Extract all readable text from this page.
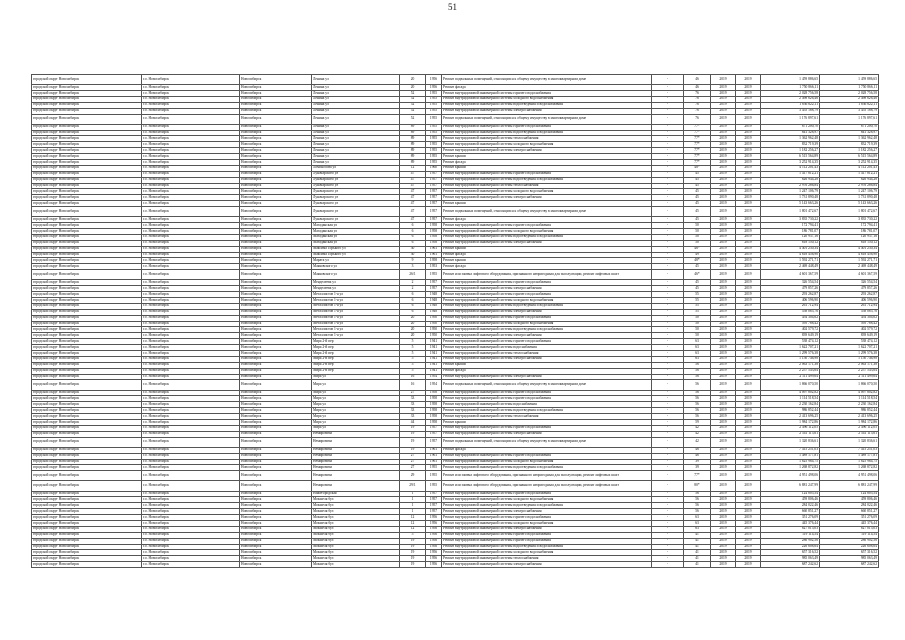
51
городской округ Новосибирск	г.о. Новосибирск	Новосибирск	Ленина ул	20	1956	Ремонт подвальных помещений, относящихся к общему имуществу в многоквартирном доме	-	46	2019	2019	1 459 886,65	1 459 886,65
городской округ Новосибирск	г.о. Новосибирск	Новосибирск	Ленина ул	20	1956	Ремонт фасада	-	46	2019	2019	1 750 866,11	1 750 866,11
городской округ Новосибирск	г.о. Новосибирск	Новосибирск	Ленина ул	52	1955	Ремонт внутридомовой инженерной системы горячего водоснабжения	-	76	2019	2019	2 028 756,58	2 028 756,58
городской округ Новосибирск	г.о. Новосибирск	Новосибирск	Ленина ул	52	1955	Ремонт внутридомовой инженерной системы холодного водоснабжения	-	76	2019	2019	2 498 626,46	2 498 626,46
городской округ Новосибирск	г.о. Новосибирск	Новосибирск	Ленина ул	52	1955	Ремонт внутридомовой инженерной системы водоотведения и водоснабжения	-	76	2019	2019	1 836 622,11	1 836 622,11
городской округ Новосибирск	г.о. Новосибирск	Новосибирск	Ленина ул	52	1955	Ремонт внутридомовой инженерной системы электроснабжения	-	76	2019	2019	3 455 188,79	3 455 188,79
городской округ Новосибирск	г.о. Новосибирск	Новосибирск	Ленина ул	52	1955	Ремонт подвальных помещений, относящихся к общему имуществу в многоквартирном доме	-	76	2019	2019	1 176 897,61	1 176 897,61
городской округ Новосибирск	г.о. Новосибирск	Новосибирск	Ленина ул	89	1955	Ремонт внутридомовой инженерной системы горячего водоснабжения	-	77*	2019	2019	671 200,70	671 200,70
городской округ Новосибирск	г.о. Новосибирск	Новосибирск	Ленина ул	89	1955	Ремонт внутридомовой инженерной системы водоотведения и водоснабжения	-	77*	2019	2019	841 328,97	841 328,97
городской округ Новосибирск	г.о. Новосибирск	Новосибирск	Ленина ул	89	1955	Ремонт внутридомовой инженерной системы теплоснабжения	-	77*	2019	2019	1 362 962,48	1 362 962,48
городской округ Новосибирск	г.о. Новосибирск	Новосибирск	Ленина ул	89	1955	Ремонт внутридомовой инженерной системы холодного водоснабжения	-	77*	2019	2019	832 719,39	832 719,39
городской округ Новосибирск	г.о. Новосибирск	Новосибирск	Ленина ул	89	1955	Ремонт внутридомовой инженерной системы электроснабжения	-	77*	2019	2019	1 182 256,27	1 182 256,27
городской округ Новосибирск	г.о. Новосибирск	Новосибирск	Ленина ул	89	1955	Ремонт крыши	-	77*	2019	2019	6 515 564,89	6 515 564,89
городской округ Новосибирск	г.о. Новосибирск	Новосибирск	Ленина ул	89	1955	Ремонт фасада	-	77*	2019	2019	3 252 914,35	3 252 914,35
городской округ Новосибирск	г.о. Новосибирск	Новосибирск	Ломоносова ул	12	1960	Ремонт крыши	-	48*	2019	2019	4 112 201,43	4 112 201,43
городской округ Новосибирск	г.о. Новосибирск	Новосибирск	Луначарского ул	47	1957	Ремонт внутридомовой инженерной системы горячего водоснабжения	-	45	2019	2019	1 417 812,21	1 417 812,21
городской округ Новосибирск	г.о. Новосибирск	Новосибирск	Луначарского ул	47	1957	Ремонт внутридомовой инженерной системы водоотведения и водоснабжения	-	45	2019	2019	626 944,28	626 944,28
городской округ Новосибирск	г.о. Новосибирск	Новосибирск	Луначарского ул	47	1957	Ремонт внутридомовой инженерной системы теплоснабжения	-	45	2019	2019	2 976 286,84	2 976 286,84
городской округ Новосибирск	г.о. Новосибирск	Новосибирск	Луначарского ул	47	1957	Ремонт внутридомовой инженерной системы холодного водоснабжения	-	45	2019	2019	1 247 106,79	1 247 106,79
городской округ Новосибирск	г.о. Новосибирск	Новосибирск	Луначарского ул	47	1957	Ремонт внутридомовой инженерной системы электроснабжения	-	45	2019	2019	1 731 890,48	1 731 890,48
городской округ Новосибирск	г.о. Новосибирск	Новосибирск	Луначарского ул	47	1957	Ремонт крыши	-	45	2019	2019	5 143 663,26	5 143 663,26
городской округ Новосибирск	г.о. Новосибирск	Новосибирск	Луначарского ул	47	1957	Ремонт подвальных помещений, относящихся к общему имуществу в многоквартирном доме	-	45	2019	2019	1 801 472,67	1 801 472,67
городской округ Новосибирск	г.о. Новосибирск	Новосибирск	Луначарского ул	47	1957	Ремонт фасада	-	45	2019	2019	3 835 730,22	3 835 730,22
городской округ Новосибирск	г.о. Новосибирск	Новосибирск	Магаданская ул	6	1958	Ремонт внутридомовой инженерной системы горячего водоснабжения	-	50	2019	2019	172 794,41	172 794,41
городской округ Новосибирск	г.о. Новосибирск	Новосибирск	Магаданская ул	6	1958	Ремонт внутридомовой инженерной системы холодного водоснабжения	-	50	2019	2019	186 781,07	186 781,07
городской округ Новосибирск	г.о. Новосибирск	Новосибирск	Магаданская ул	6	1958	Ремонт внутридомовой инженерной системы водоотведения и водоснабжения	-	50	2019	2019	120 937,16	120 937,16
городской округ Новосибирск	г.о. Новосибирск	Новосибирск	Магаданская ул	6	1958	Ремонт внутридомовой инженерной системы электроснабжения	-	50	2019	2019	618 150,12	618 150,12
городской округ Новосибирск	г.о. Новосибирск	Новосибирск	Максима Горького ул	30	1961	Ремонт крыши	-	46*	2019	2019	4 401 230,34	4 401 230,34
городской округ Новосибирск	г.о. Новосибирск	Новосибирск	Максима Горького ул	30	1961	Ремонт фасада	-	49	2019	2019	4 618 456,90	4 618 456,90
городской округ Новосибирск	г.о. Новосибирск	Новосибирск	Марата ул	9	1958	Ремонт крыши	-	48*	2019	2019	1 592 271,71	1 592 271,71
городской округ Новосибирск	г.о. Новосибирск	Новосибирск	Маяковского ул	3	1953	Ремонт фасада	-	45	2019	2019	2 469 448,49	2 469 448,49
городской округ Новосибирск	г.о. Новосибирск	Новосибирск	Маяковского ул	26/1	1955	Ремонт или замена лифтового оборудования, признанного непригодным для эксплуатации, ремонт лифтовых шахт	-	46*	2019	2019	4 601 367,59	4 601 367,59
городской округ Новосибирск	г.о. Новосибирск	Новосибирск	Менделеева ул	2	1957	Ремонт внутридомовой инженерной системы горячего водоснабжения	-	45	2019	2019	326 554,54	326 554,54
городской округ Новосибирск	г.о. Новосибирск	Новосибирск	Менделеева ул	2	1957	Ремонт внутридомовой инженерной системы электроснабжения	-	45	2019	2019	479 857,26	479 857,26
городской округ Новосибирск	г.о. Новосибирск	Новосибирск	Металлистов 1-я ул	6	1948	Ремонт внутридомовой инженерной системы горячего водоснабжения	-	55	2019	2019	293 262,87	293 262,87
городской округ Новосибирск	г.о. Новосибирск	Новосибирск	Металлистов 1-я ул	6	1948	Ремонт внутридомовой инженерной системы холодного водоснабжения	-	55	2019	2019	406 596,90	406 596,90
городской округ Новосибирск	г.о. Новосибирск	Новосибирск	Металлистов 1-я ул	6	1948	Ремонт внутридомовой инженерной системы водоотведения и водоснабжения	-	55	2019	2019	261 712,94	261 712,94
городской округ Новосибирск	г.о. Новосибирск	Новосибирск	Металлистов 1-я ул	6	1948	Ремонт внутридомовой инженерной системы электроснабжения	-	55	2019	2019	558 085,76	558 085,76
городской округ Новосибирск	г.о. Новосибирск	Новосибирск	Металлистов 1-я ул	20	1950	Ремонт внутридомовой инженерной системы горячего водоснабжения	-	50	2019	2019	454 304,62	454 304,62
городской округ Новосибирск	г.о. Новосибирск	Новосибирск	Металлистов 1-я ул	20	1950	Ремонт внутридомовой инженерной системы холодного водоснабжения	-	50	2019	2019	595 788,42	595 788,42
городской округ Новосибирск	г.о. Новосибирск	Новосибирск	Металлистов 1-я ул	20	1950	Ремонт внутридомовой инженерной системы водоотведения и водоснабжения	-	50	2019	2019	402 579,72	402 579,72
городской округ Новосибирск	г.о. Новосибирск	Новосибирск	Металлистов 1-я ул	20	1950	Ремонт внутридомовой инженерной системы электроснабжения	-	50	2019	2019	839 649,19	839 649,19
городской округ Новосибирск	г.о. Новосибирск	Новосибирск	Мира 2-й пер	5	1941	Ремонт внутридомовой инженерной системы горячего водоснабжения	-	63	2019	2019	538 474,12	538 474,12
городской округ Новосибирск	г.о. Новосибирск	Новосибирск	Мира 2-й пер	5	1941	Ремонт внутридомовой инженерной системы водоснабжения	-	63	2019	2019	1 622 707,21	1 622 707,21
городской округ Новосибирск	г.о. Новосибирск	Новосибирск	Мира 2-й пер	5	1941	Ремонт внутридомовой инженерной системы теплоснабжения	-	63	2019	2019	1 299 576,38	1 299 576,38
городской округ Новосибирск	г.о. Новосибирск	Новосибирск	Мира 2-й пер	5	1941	Ремонт внутридомовой инженерной системы электроснабжения	-	63	2019	2019	1 150 746,98	1 150 746,98
городской округ Новосибирск	г.о. Новосибирск	Новосибирск	Мира 2-й пер	5	1941	Ремонт крыши	-	56	2019	2019	2 063 171,38	2 063 171,38
городской округ Новосибирск	г.о. Новосибирск	Новосибирск	Мира 2-й пер	5	1941	Ремонт фасада	-	56	2019	2019	2 257 543,64	2 257 543,64
городской округ Новосибирск	г.о. Новосибирск	Новосибирск	Мира ул	16	1954	Ремонт внутридомовой инженерной системы электроснабжения	-	56	2019	2019	2 111 499,64	2 111 499,64
городской округ Новосибирск	г.о. Новосибирск	Новосибирск	Мира ул	16	1954	Ремонт подвальных помещений, относящихся к общему имуществу в многоквартирном доме	-	56	2019	2019	1 866 070,50	1 866 070,50
городской округ Новосибирск	г.о. Новосибирск	Новосибирск	Мира ул	27	1958	Ремонт внутридомовой инженерной системы горячего водоснабжения	-	56	2019	2019	4 097 802,82	4 097 802,82
городской округ Новосибирск	г.о. Новосибирск	Новосибирск	Мира ул	33	1958	Ремонт внутридомовой инженерной системы горячего водоснабжения	-	56	2019	2019	1 114 518,54	1 114 518,54
городской округ Новосибирск	г.о. Новосибирск	Новосибирск	Мира ул	33	1958	Ремонт внутридомовой инженерной системы водоснабжения	-	56	2019	2019	2 230 162,84	2 230 162,84
городской округ Новосибирск	г.о. Новосибирск	Новосибирск	Мира ул	33	1958	Ремонт внутридомовой инженерной системы водоотведения и водоснабжения	-	56	2019	2019	986 852,44	986 852,44
городской округ Новосибирск	г.о. Новосибирск	Новосибирск	Мира ул	33	1958	Ремонт внутридомовой инженерной системы теплоснабжения	-	56	2019	2019	2 413 696,25	2 413 696,25
городской округ Новосибирск	г.о. Новосибирск	Новосибирск	Мира ул	44	1958	Ремонт крыши	-	59	2019	2019	1 984 172,86	1 984 172,86
городской округ Новосибирск	г.о. Новосибирск	Новосибирск	Мира ул	19	1957	Ремонт внутридомовой инженерной системы горячего водоснабжения	-	42	2019	2019	2 496 112,05	2 496 112,05
городской округ Новосибирск	г.о. Новосибирск	Новосибирск	Немировича	19	1957	Ремонт внутридомовой инженерной системы электроснабжения	-	42	2019	2019	2 541 115,61	2 541 115,61
городской округ Новосибирск	г.о. Новосибирск	Новосибирск	Немировича	19	1957	Ремонт подвальных помещений, относящихся к общему имуществу в многоквартирном доме	-	42	2019	2019	1 320 836,61	1 320 836,61
городской округ Новосибирск	г.о. Новосибирск	Новосибирск	Немировича	19	1961	Ремонт фасада	-	46	2019	2019	7 415 251,03	7 415 251,03
городской округ Новосибирск	г.о. Новосибирск	Новосибирск	Немировича	27	1961	Ремонт внутридомовой инженерной системы горячего водоснабжения	-	46	2019	2019	1 489 177,81	1 489 177,81
городской округ Новосибирск	г.о. Новосибирск	Новосибирск	Немировича	27	1961	Ремонт внутридомовой инженерной системы холодного водоснабжения	-	39	2019	2019	1 825 984,75	1 825 984,75
городской округ Новосибирск	г.о. Новосибирск	Новосибирск	Немировича	27	1955	Ремонт внутридомовой инженерной системы водоотведения и водоснабжения	-	39	2019	2019	1 268 872,82	1 268 872,82
городской округ Новосибирск	г.о. Новосибирск	Новосибирск	Немировича	29	1955	Ремонт или замена лифтового оборудования, признанного непригодным для эксплуатации, ремонт лифтовых шахт	-	77*	2019	2019	4 951 498,06	4 951 498,06
городской округ Новосибирск	г.о. Новосибирск	Новосибирск	Немировича	29/1	1955	Ремонт или замена лифтового оборудования, признанного непригодным для эксплуатации, ремонт лифтовых шахт	-	80*	2019	2019	6 881 247,99	6 881 247,99
городской округ Новосибирск	г.о. Новосибирск	Новосибирск	Нижегородская	1	1957	Ремонт внутридомовой инженерной системы горячего водоснабжения	-	56	2019	2019	124 805,54	124 805,54
городской округ Новосибирск	г.о. Новосибирск	Новосибирск	Мокшеля бул	1	1957	Ремонт внутридомовой инженерной системы холодного водоснабжения	-	56	2019	2019	459 806,46	459 806,46
городской округ Новосибирск	г.о. Новосибирск	Новосибирск	Мокшеля бул	1	1957	Ремонт внутридомовой инженерной системы водоотведения и водоснабжения	-	56	2019	2019	284 022,46	284 022,46
городской округ Новосибирск	г.о. Новосибирск	Новосибирск	Мокшеля бул	1	1957	Ремонт внутридомовой инженерной системы электроснабжения	-	56	2019	2019	660 851,27	660 851,27
городской округ Новосибирск	г.о. Новосибирск	Новосибирск	Мокшеля бул	12	1956	Ремонт внутридомовой инженерной системы горячего водоснабжения	-	63	2019	2019	351 276,09	351 276,09
городской округ Новосибирск	г.о. Новосибирск	Новосибирск	Мокшеля бул	12	1956	Ремонт внутридомовой инженерной системы холодного водоснабжения	-	63	2019	2019	445 376,44	445 376,44
городской округ Новосибирск	г.о. Новосибирск	Новосибирск	Мокшеля бул	12	1956	Ремонт внутридомовой инженерной системы электроснабжения	-	63	2019	2019	827 015,03	827 015,03
городской округ Новосибирск	г.о. Новосибирск	Новосибирск	Мокшеля бул	5	1956	Ремонт внутридомовой инженерной системы горячего водоснабжения	-	41	2019	2019	119 114,54	119 114,54
городской округ Новосибирск	г.о. Новосибирск	Новосибирск	Мокшеля бул	19	1956	Ремонт внутридомовой инженерной системы горячего водоснабжения	-	41	2019	2019	286 902,56	286 902,56
городской округ Новосибирск	г.о. Новосибирск	Новосибирск	Мокшеля бул	19	1956	Ремонт внутридомовой инженерной системы водоотведения и водоснабжения	-	41	2019	2019	226 608,64	226 608,64
городской округ Новосибирск	г.о. Новосибирск	Новосибирск	Мокшеля бул	19	1956	Ремонт внутридомовой инженерной системы холодного водоснабжения	-	41	2019	2019	657 316,52	657 316,52
городской округ Новосибирск	г.о. Новосибирск	Новосибирск	Мокшеля бул	19	1956	Ремонт внутридомовой инженерной системы теплоснабжения	-	41	2019	2019	985 063,49	985 063,49
городской округ Новосибирск	г.о. Новосибирск	Новосибирск	Мокшеля бул	19	1956	Ремонт внутридомовой инженерной системы электроснабжения	-	41	2019	2019	687 242,62	687 242,62
